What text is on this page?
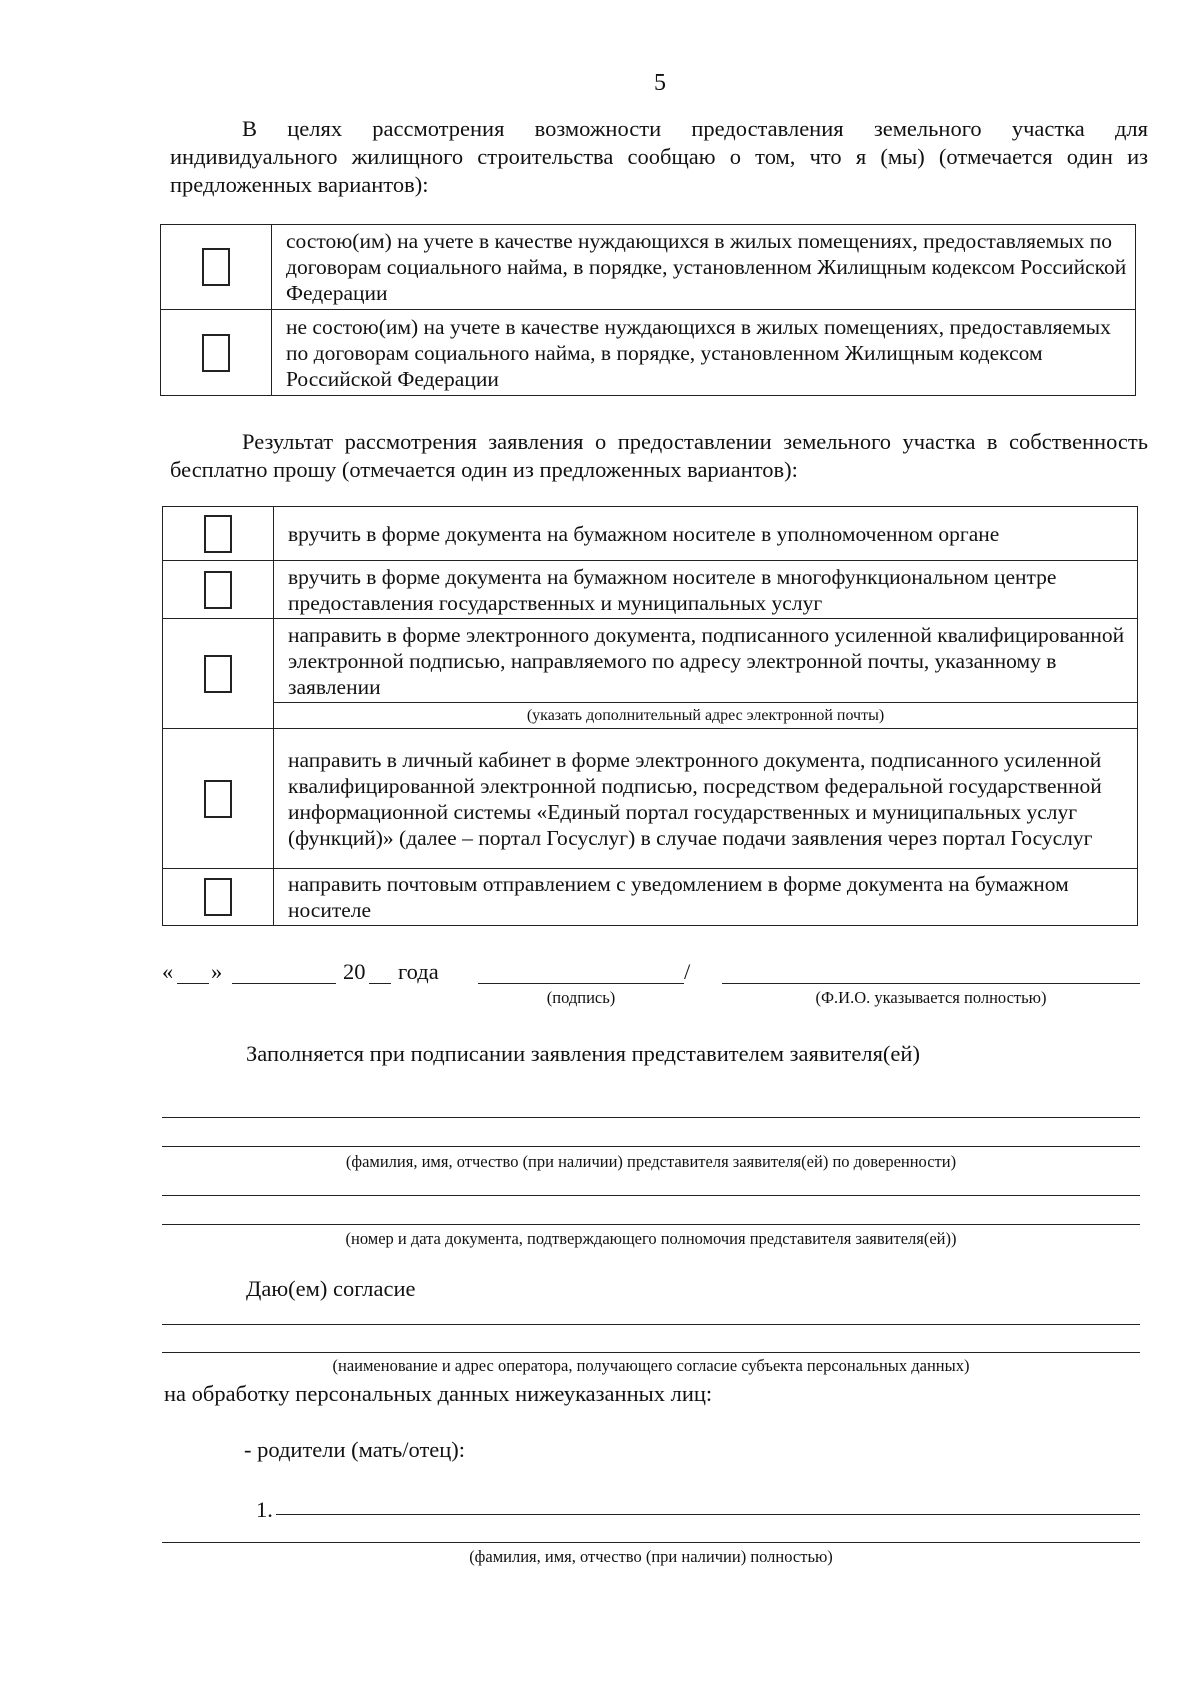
5
В целях рассмотрения возможности предоставления земельного участка для индивидуального жилищного строительства сообщаю о том, что я (мы) (отмечается один из предложенных вариантов):
	состою(им) на учете в качестве нуждающихся в жилых помещениях, предоставляемых по договорам социального найма, в порядке, установленном Жилищным кодексом Российской Федерации
	не состою(им) на учете в качестве нуждающихся в жилых помещениях, предоставляемых по договорам социального найма, в порядке, установленном Жилищным кодексом Российской Федерации
Результат рассмотрения заявления о предоставлении земельного участка в собственность бесплатно прошу (отмечается один из предложенных вариантов):
	вручить в форме документа на бумажном носителе в уполномоченном органе
	вручить в форме документа на бумажном носителе в многофункциональном центре предоставления государственных и муниципальных услуг
	направить в форме электронного документа, подписанного усиленной квалифицированной электронной подписью, направляемого по адресу электронной почты, указанному в заявлении
	(указать дополнительный адрес электронной почты)
	направить в личный кабинет в форме электронного документа, подписанного усиленной квалифицированной электронной подписью, посредством федеральной государственной информационной системы «Единый портал государственных и муниципальных услуг (функций)» (далее – портал Госуслуг) в случае подачи заявления через портал Госуслуг
	направить почтовым отправлением с уведомлением в форме документа на бумажном носителе
« »	20 года	/
(подпись)	(Ф.И.О. указывается полностью)
Заполняется при подписании заявления представителем заявителя(ей)
(фамилия, имя, отчество (при наличии) представителя заявителя(ей) по доверенности)
(номер и дата документа, подтверждающего полномочия представителя заявителя(ей))
Даю(ем) согласие
(наименование и адрес оператора, получающего согласие субъекта персональных данных)
на обработку персональных данных нижеуказанных лиц:
- родители (мать/отец):
1.
(фамилия, имя, отчество (при наличии) полностью)
